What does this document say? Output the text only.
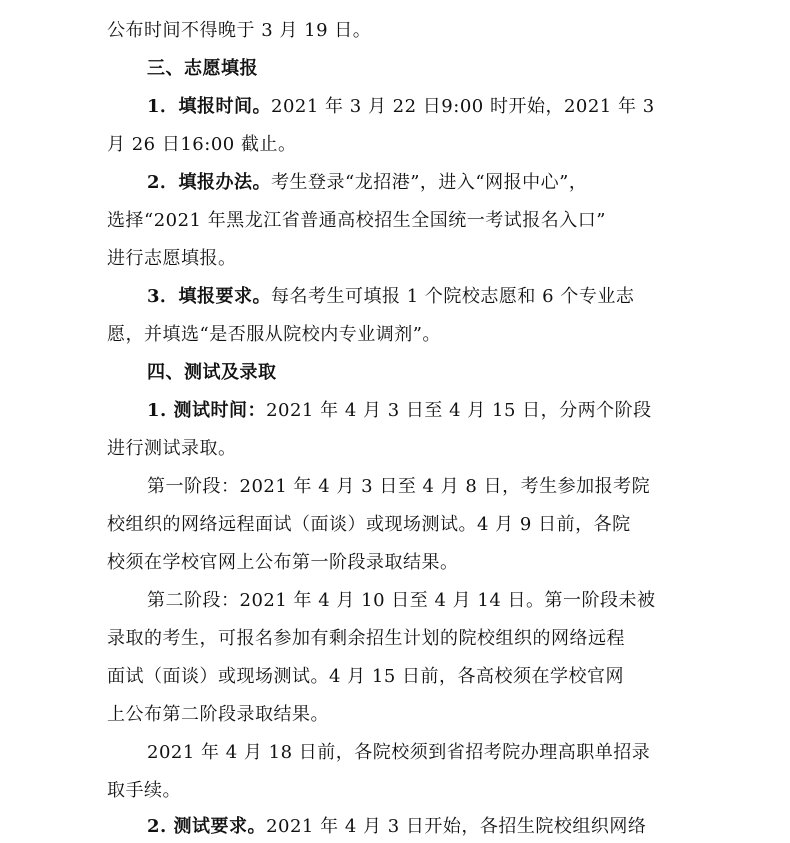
公布时间不得晚于 3 月 19 日。
三、志愿填报
1．填报时间。2021 年 3 月 22 日9:00 时开始，2021 年 3
月 26 日16:00 截止。
2．填报办法。考生登录“龙招港”，进入“网报中心”，
选择“2021 年黑龙江省普通高校招生全国统一考试报名入口”
进行志愿填报。
3．填报要求。每名考生可填报 1 个院校志愿和 6 个专业志
愿，并填选“是否服从院校内专业调剂”。
四、测试及录取
1. 测试时间：2021 年 4 月 3 日至 4 月 15 日，分两个阶段
进行测试录取。
第一阶段：2021 年 4 月 3 日至 4 月 8 日，考生参加报考院
校组织的网络远程面试（面谈）或现场测试。4 月 9 日前，各院
校须在学校官网上公布第一阶段录取结果。
第二阶段：2021 年 4 月 10 日至 4 月 14 日。第一阶段未被
录取的考生，可报名参加有剩余招生计划的院校组织的网络远程
面试（面谈）或现场测试。4 月 15 日前，各高校须在学校官网
上公布第二阶段录取结果。
2021 年 4 月 18 日前，各院校须到省招考院办理高职单招录
取手续。
2. 测试要求。2021 年 4 月 3 日开始，各招生院校组织网络
